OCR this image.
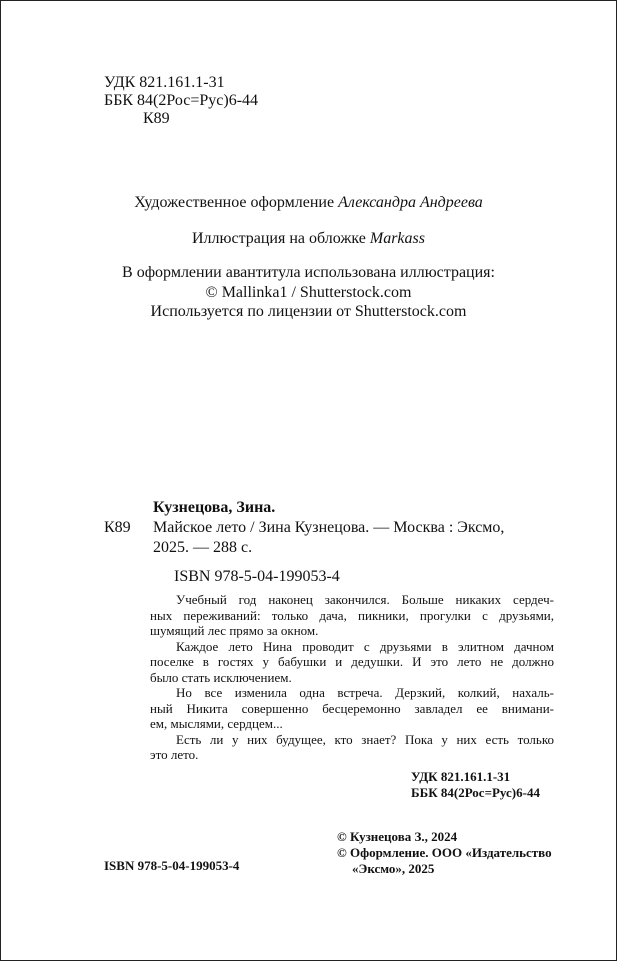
УДК 821.161.1-31
ББК 84(2Рос=Рус)6-44
К89
Художественное оформление Александра Андреева
Иллюстрация на обложке Markass
В оформлении авантитула использована иллюстрация:
© Mallinka1 / Shutterstock.com
Используется по лицензии от Shutterstock.com
Кузнецова, Зина.
К89 Майское лето / Зина Кузнецова. — Москва : Эксмо,
2025. — 288 с.
ISBN 978-5-04-199053-4

Учебный год наконец закончился. Больше никаких сердеч-

ных переживаний: только дача, пикники, прогулки с друзьями,

шумящий лес прямо за окном.

Каждое лето Нина проводит с друзьями в элитном дачном

поселке в гостях у бабушки и дедушки. И это лето не должно

было стать исключением.

Но все изменила одна встреча. Дерзкий, колкий, нахаль-

ный Никита совершенно бесцеремонно завладел ее внимани-

ем, мыслями, сердцем...

Есть ли у них будущее, кто знает? Пока у них есть только

это лето.

УДК 821.161.1-31
ББК 84(2Рос=Рус)6-44
ISBN 978-5-04-199053-4
© Кузнецова З., 2024
© Оформление. ООО «Издательство
«Эксмо», 2025
